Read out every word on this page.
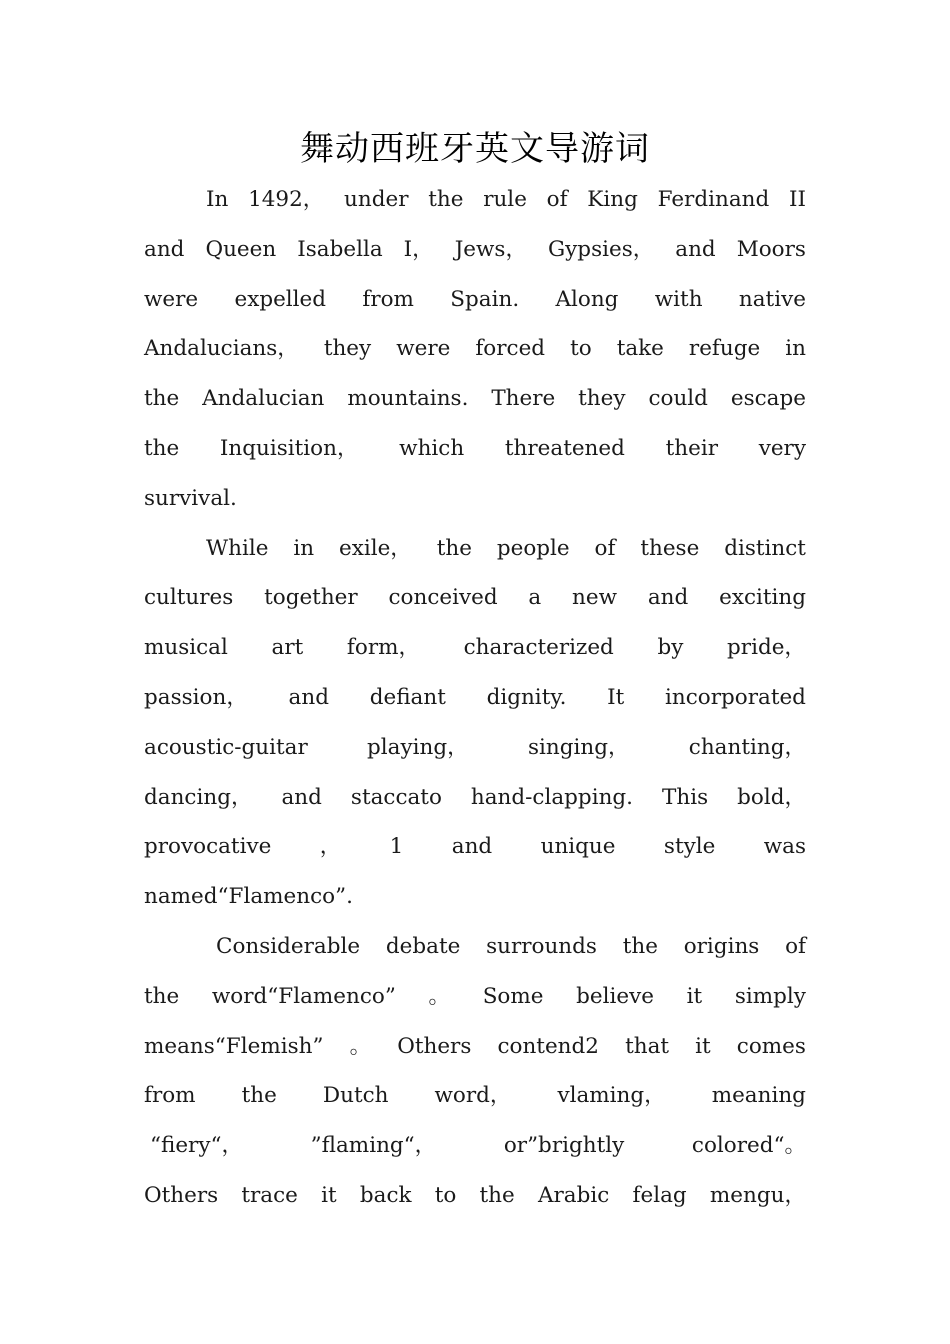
舞动西班牙英文导游词
In 1492， under the rule of King Ferdinand II
and Queen Isabella I， Jews， Gypsies， and Moors
were expelled from Spain. Along with native
Andalucians， they were forced to take refuge in
the Andalucian mountains. There they could escape
the Inquisition， which threatened their very
survival.
While in exile， the people of these distinct
cultures together conceived a new and exciting
musical art form， characterized by pride，
passion， and defiant dignity. It incorporated
acoustic-guitar	playing，	singing，	chanting，
dancing， and staccato hand-clapping. This bold，
provocative ， 1 and unique style was
named“Flamenco”.
Considerable debate surrounds the origins of
the word“Flamenco” 。 Some believe it simply
means“Flemish” 。 Others contend2 that it comes
from the Dutch word， vlaming， meaning
“fiery“，	”flaming“，	or”brightly	colored“。
Others trace it back to the Arabic felag mengu，
